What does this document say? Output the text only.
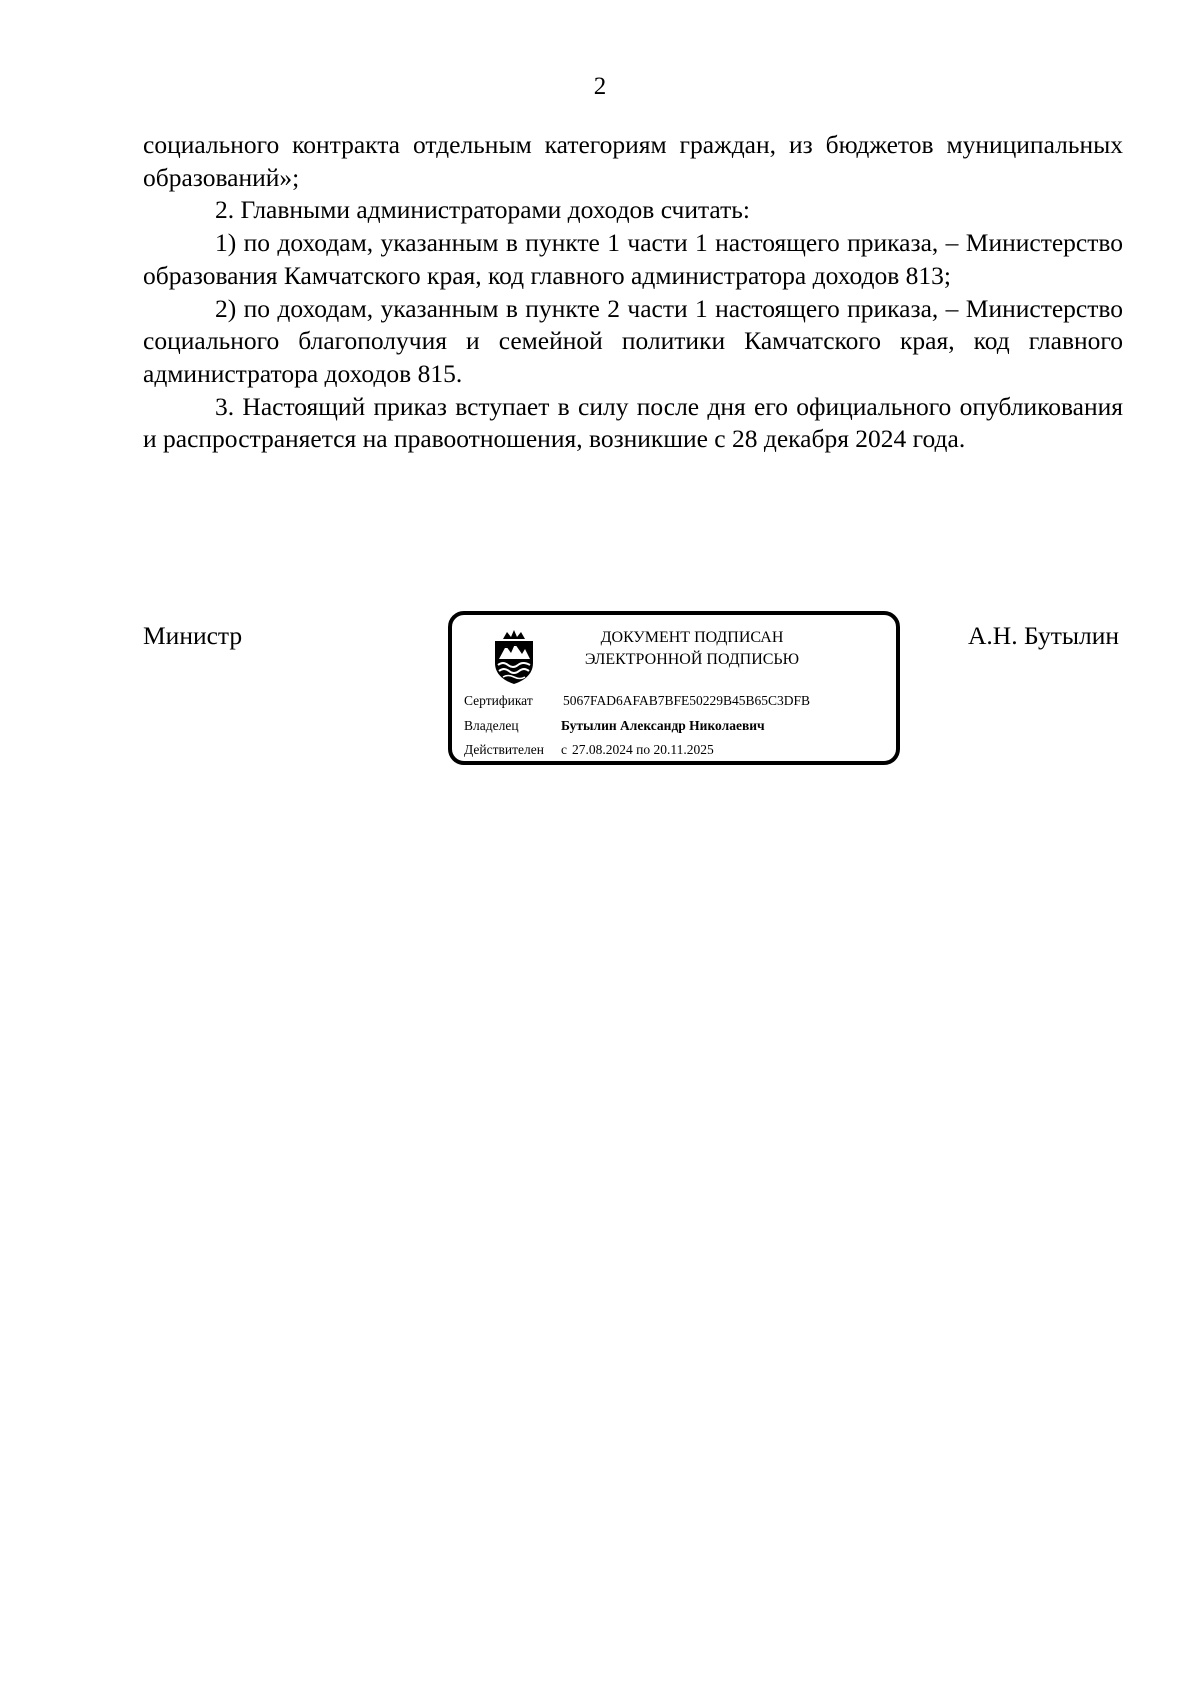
2

социального контракта отдельным категориям граждан, из бюджетов муниципальных образований»;

2. Главными администраторами доходов считать:

1) по доходам, указанным в пункте 1 части 1 настоящего приказа, – Министерство образования Камчатского края, код главного администратора доходов 813;

2) по доходам, указанным в пункте 2 части 1 настоящего приказа, – Министерство социального благополучия и семейной политики Камчатского края, код главного администратора доходов 815.

3. Настоящий приказ вступает в силу после дня его официального опубликования и распространяется на правоотношения, возникшие с 28 декабря 2024 года.

Министр	ДОКУМЕНТ ПОДПИСАН
ЭЛЕКТРОННОЙ ПОДПИСЬЮ
Сертификат 5067FAD6AFAB7BFE50229B45B65C3DFB
Владелец	Бутылин Александр Николаевич
Действителен с 27.08.2024 по 20.11.2025
А.Н. Бутылин
